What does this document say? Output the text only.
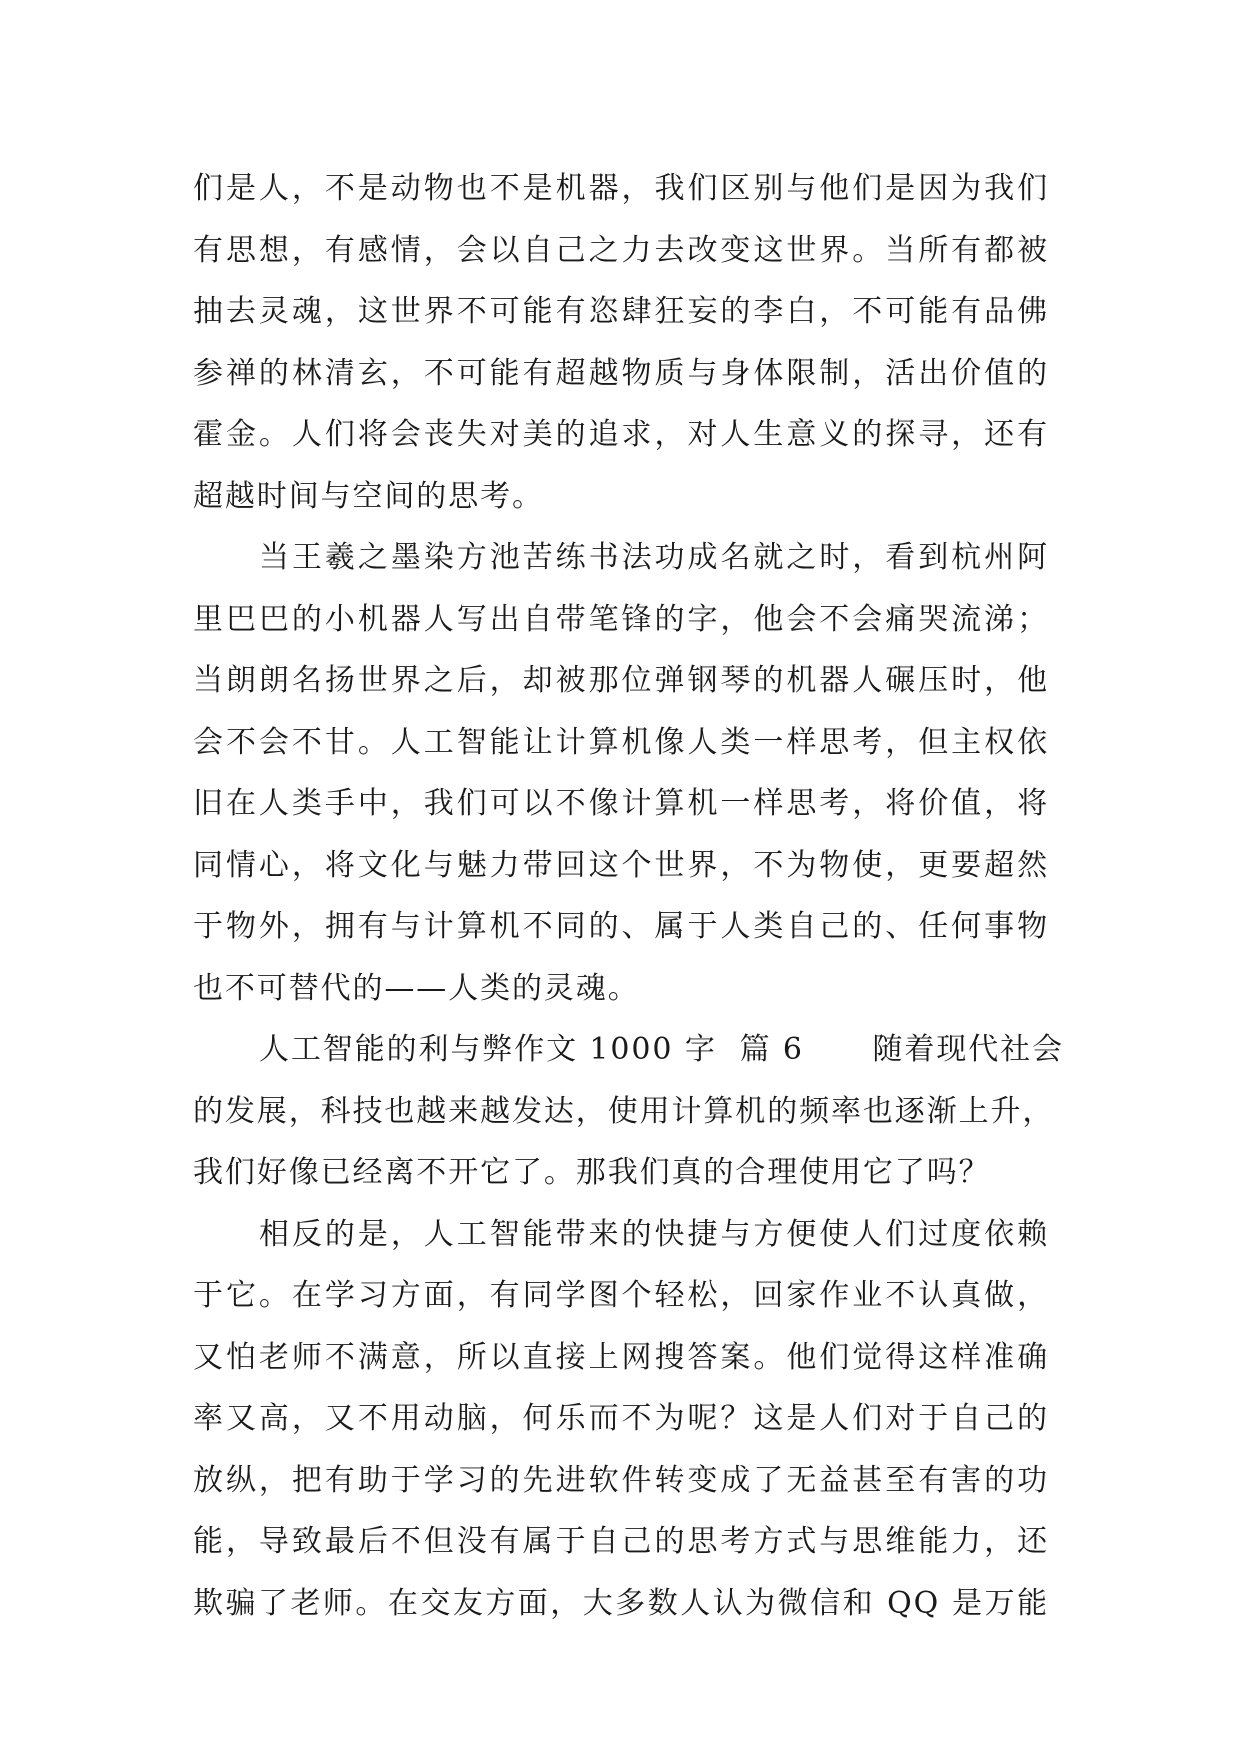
们是人，不是动物也不是机器，我们区别与他们是因为我们
有思想，有感情，会以自己之力去改变这世界。当所有都被
抽去灵魂，这世界不可能有恣肆狂妄的李白，不可能有品佛
参禅的林清玄，不可能有超越物质与身体限制，活出价值的
霍金。人们将会丧失对美的追求，对人生意义的探寻，还有
超越时间与空间的思考。
当王羲之墨染方池苦练书法功成名就之时，看到杭州阿
里巴巴的小机器人写出自带笔锋的字，他会不会痛哭流涕；
当朗朗名扬世界之后，却被那位弹钢琴的机器人碾压时，他
会不会不甘。人工智能让计算机像人类一样思考，但主权依
旧在人类手中，我们可以不像计算机一样思考，将价值，将
同情心，将文化与魅力带回这个世界，不为物使，更要超然
于物外，拥有与计算机不同的、属于人类自己的、任何事物
也不可替代的——人类的灵魂。
人工智能的利与弊作文 1000 字  篇 6      随着现代社会
的发展，科技也越来越发达，使用计算机的频率也逐渐上升，
我们好像已经离不开它了。那我们真的合理使用它了吗？
相反的是，人工智能带来的快捷与方便使人们过度依赖
于它。在学习方面，有同学图个轻松，回家作业不认真做，
又怕老师不满意，所以直接上网搜答案。他们觉得这样准确
率又高，又不用动脑，何乐而不为呢？这是人们对于自己的
放纵，把有助于学习的先进软件转变成了无益甚至有害的功
能，导致最后不但没有属于自己的思考方式与思维能力，还
欺骗了老师。在交友方面，大多数人认为微信和 QQ 是万能
